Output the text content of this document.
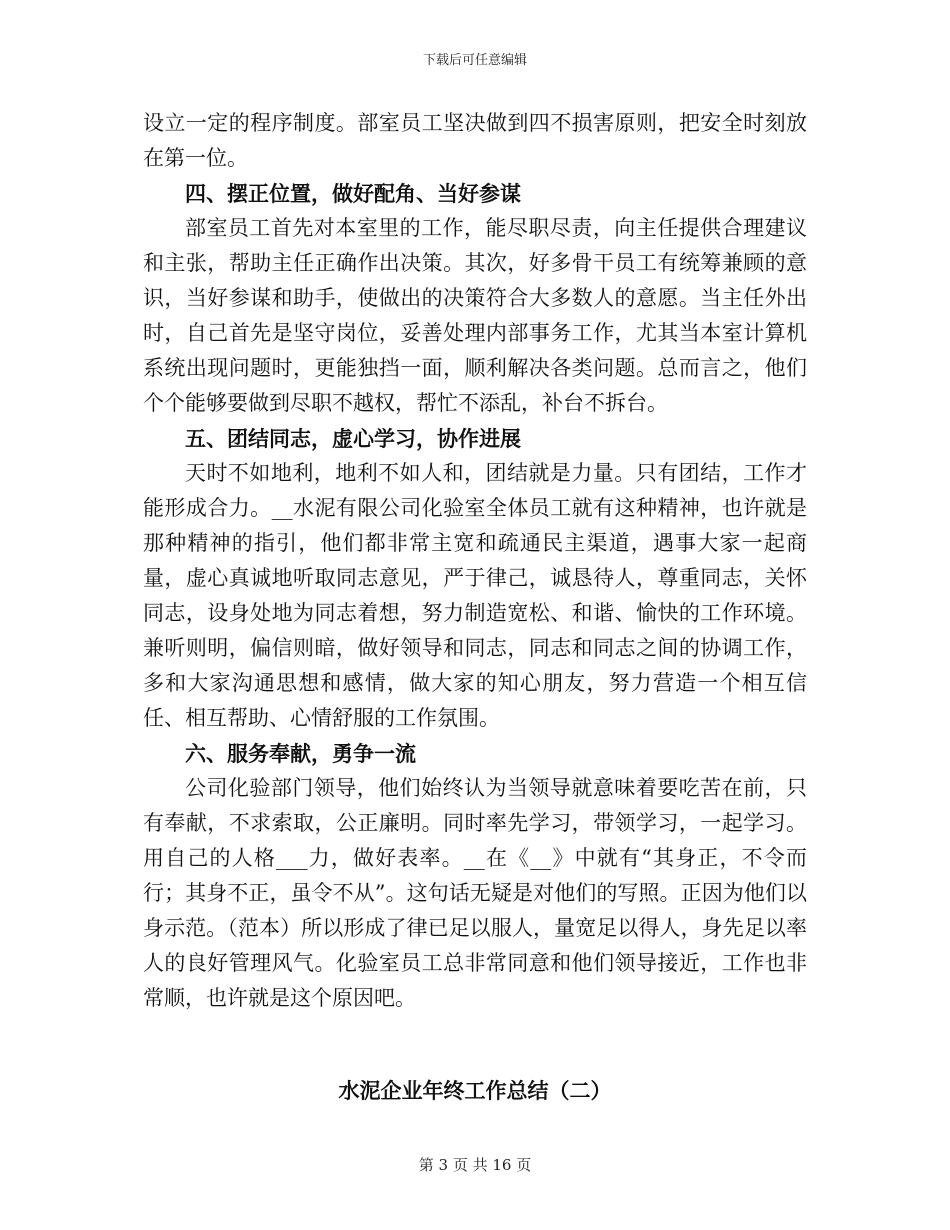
下载后可任意编辑

设立一定的程序制度。部室员工坚决做到四不损害原则，把安全时刻放在第一位。

四、摆正位置，做好配角、当好参谋

部室员工首先对本室里的工作，能尽职尽责，向主任提供合理建议和主张，帮助主任正确作出决策。其次，好多骨干员工有统筹兼顾的意识，当好参谋和助手，使做出的决策符合大多数人的意愿。当主任外出时，自己首先是坚守岗位，妥善处理内部事务工作，尤其当本室计算机系统出现问题时，更能独挡一面，顺利解决各类问题。总而言之，他们个个能够要做到尽职不越权，帮忙不添乱，补台不拆台。

五、团结同志，虚心学习，协作进展

天时不如地利，地利不如人和，团结就是力量。只有团结，工作才能形成合力。__水泥有限公司化验室全体员工就有这种精神，也许就是那种精神的指引，他们都非常主宽和疏通民主渠道，遇事大家一起商量，虚心真诚地听取同志意见，严于律己，诚恳待人，尊重同志，关怀同志，设身处地为同志着想，努力制造宽松、和谐、愉快的工作环境。兼听则明，偏信则暗，做好领导和同志，同志和同志之间的协调工作，多和大家沟通思想和感情，做大家的知心朋友，努力营造一个相互信任、相互帮助、心情舒服的工作氛围。

六、服务奉献，勇争一流

公司化验部门领导，他们始终认为当领导就意味着要吃苦在前，只有奉献，不求索取，公正廉明。同时率先学习，带领学习，一起学习。用自己的人格___力，做好表率。__在《__》中就有“其身正，不令而行；其身不正，虽令不从”。这句话无疑是对他们的写照。正因为他们以身示范。（范本）所以形成了律已足以服人，量宽足以得人，身先足以率人的良好管理风气。化验室员工总非常同意和他们领导接近，工作也非常顺，也许就是这个原因吧。

水泥企业年终工作总结（二）
第 3 页 共 16 页
